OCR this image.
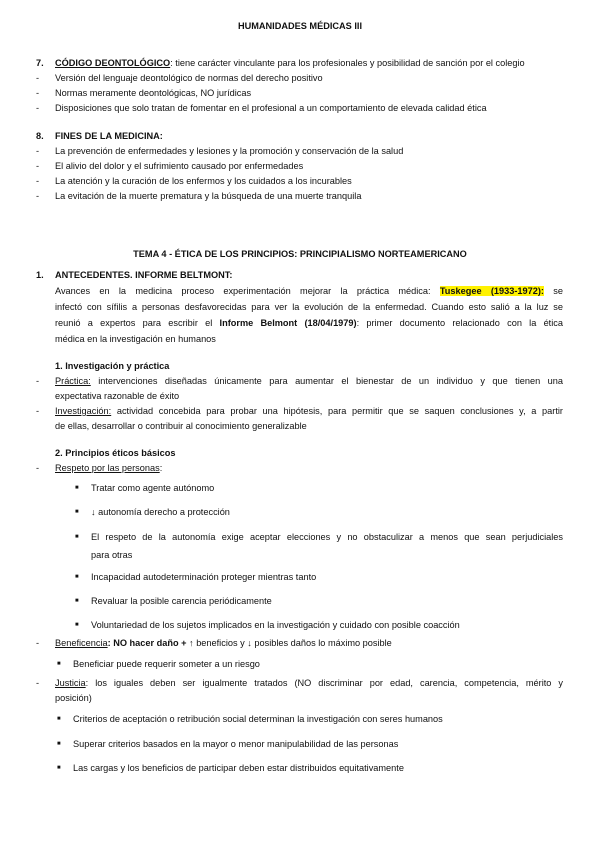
HUMANIDADES MÉDICAS III
7. CÓDIGO DEONTOLÓGICO: tiene carácter vinculante para los profesionales y posibilidad de sanción por el colegio
- Versión del lenguaje deontológico de normas del derecho positivo
- Normas meramente deontológicas, NO jurídicas
- Disposiciones que solo tratan de fomentar en el profesional a un comportamiento de elevada calidad ética
8. FINES DE LA MEDICINA:
- La prevención de enfermedades y lesiones y la promoción y conservación de la salud
- El alivio del dolor y el sufrimiento causado por enfermedades
- La atención y la curación de los enfermos y los cuidados a los incurables
- La evitación de la muerte prematura y la búsqueda de una muerte tranquila
TEMA 4 - ÉTICA DE LOS PRINCIPIOS: PRINCIPIALISMO NORTEAMERICANO
1. ANTECEDENTES. INFORME BELTMONT:
Avances en la medicina proceso experimentación mejorar la práctica médica: Tuskegee (1933-1972): se
infectó con sífilis a personas desfavorecidas para ver la evolución de la enfermedad. Cuando esto salió a la luz se
reunió a expertos para escribir el Informe Belmont (18/04/1979): primer documento relacionado con la ética
médica en la investigación en humanos
1. Investigación y práctica
- Práctica: intervenciones diseñadas únicamente para aumentar el bienestar de un individuo y que tienen una
expectativa razonable de éxito
- Investigación: actividad concebida para probar una hipótesis, para permitir que se saquen conclusiones y, a partir
de ellas, desarrollar o contribuir al conocimiento generalizable
2. Principios éticos básicos
- Respeto por las personas:
■ Tratar como agente autónomo
■ ↓ autonomía derecho a protección
■ El respeto de la autonomía exige aceptar elecciones y no obstaculizar a menos que sean perjudiciales
para otras
■ Incapacidad autodeterminación proteger mientras tanto
■ Revaluar la posible carencia periódicamente
■ Voluntariedad de los sujetos implicados en la investigación y cuidado con posible coacción
- Beneficencia: NO hacer daño + ↑ beneficios y ↓ posibles daños lo máximo posible
■ Beneficiar puede requerir someter a un riesgo
- Justicia: los iguales deben ser igualmente tratados (NO discriminar por edad, carencia, competencia, mérito y
posición)
■ Criterios de aceptación o retribución social determinan la investigación con seres humanos
■ Superar criterios basados en la mayor o menor manipulabilidad de las personas
■ Las cargas y los beneficios de participar deben estar distribuidos equitativamente
